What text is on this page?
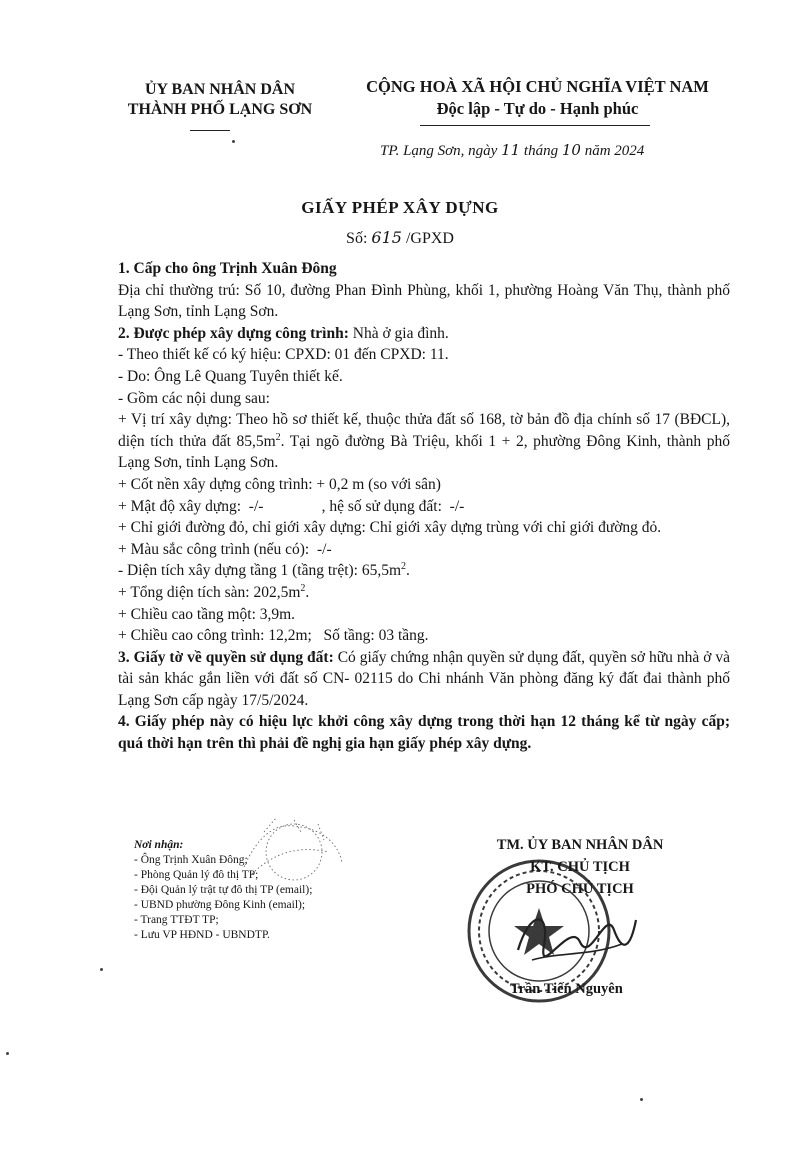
ỦY BAN NHÂN DÂN
THÀNH PHỐ LẠNG SƠN
CỘNG HOÀ XÃ HỘI CHỦ NGHĨA VIỆT NAM
Độc lập - Tự do - Hạnh phúc
TP. Lạng Sơn, ngày 11 tháng 10 năm 2024
GIẤY PHÉP XÂY DỰNG
Số: 615 /GPXD

1. Cấp cho ông Trịnh Xuân Đông

Địa chỉ thường trú: Số 10, đường Phan Đình Phùng, khối 1, phường Hoàng Văn Thụ, thành phố Lạng Sơn, tỉnh Lạng Sơn.

2. Được phép xây dựng công trình: Nhà ở gia đình.

- Theo thiết kế có ký hiệu: CPXD: 01 đến CPXD: 11.

- Do: Ông Lê Quang Tuyên thiết kế.

- Gồm các nội dung sau:

+ Vị trí xây dựng: Theo hồ sơ thiết kế, thuộc thửa đất số 168, tờ bản đồ địa chính số 17 (BĐCL), diện tích thửa đất $85,5m^2$. Tại ngõ đường Bà Triệu, khối 1 + 2, phường Đông Kinh, thành phố Lạng Sơn, tỉnh Lạng Sơn.

+ Cốt nền xây dựng công trình: + 0,2 m (so với sân)

+ Mật độ xây dựng: -/-	, hệ số sử dụng đất: -/-

+ Chỉ giới đường đỏ, chỉ giới xây dựng: Chỉ giới xây dựng trùng với chỉ giới đường đỏ.

+ Màu sắc công trình (nếu có): -/-

- Diện tích xây dựng tầng 1 (tầng trệt): $65,5m^2$.

+ Tổng diện tích sàn: $202,5m^2$.

+ Chiều cao tầng một: 3,9m.

+ Chiều cao công trình: 12,2m; Số tầng: 03 tầng.

3. Giấy tờ về quyền sử dụng đất: Có giấy chứng nhận quyền sử dụng đất, quyền sở hữu nhà ở và tài sản khác gắn liền với đất số CN- 02115 do Chi nhánh Văn phòng đăng ký đất đai thành phố Lạng Sơn cấp ngày 17/5/2024.

4. Giấy phép này có hiệu lực khởi công xây dựng trong thời hạn 12 tháng kể từ ngày cấp; quá thời hạn trên thì phải đề nghị gia hạn giấy phép xây dựng.

Nơi nhận:
- Ông Trịnh Xuân Đông;
- Phòng Quản lý đô thị TP;
- Đội Quản lý trật tự đô thị TP (email);
- UBND phường Đông Kinh (email);
- Trang TTĐT TP;
- Lưu VP HĐND - UBNDTP.
TM. ỦY BAN NHÂN DÂN
KT. CHỦ TỊCH
PHÓ CHỦ TỊCH
Trần Tiến Nguyên
